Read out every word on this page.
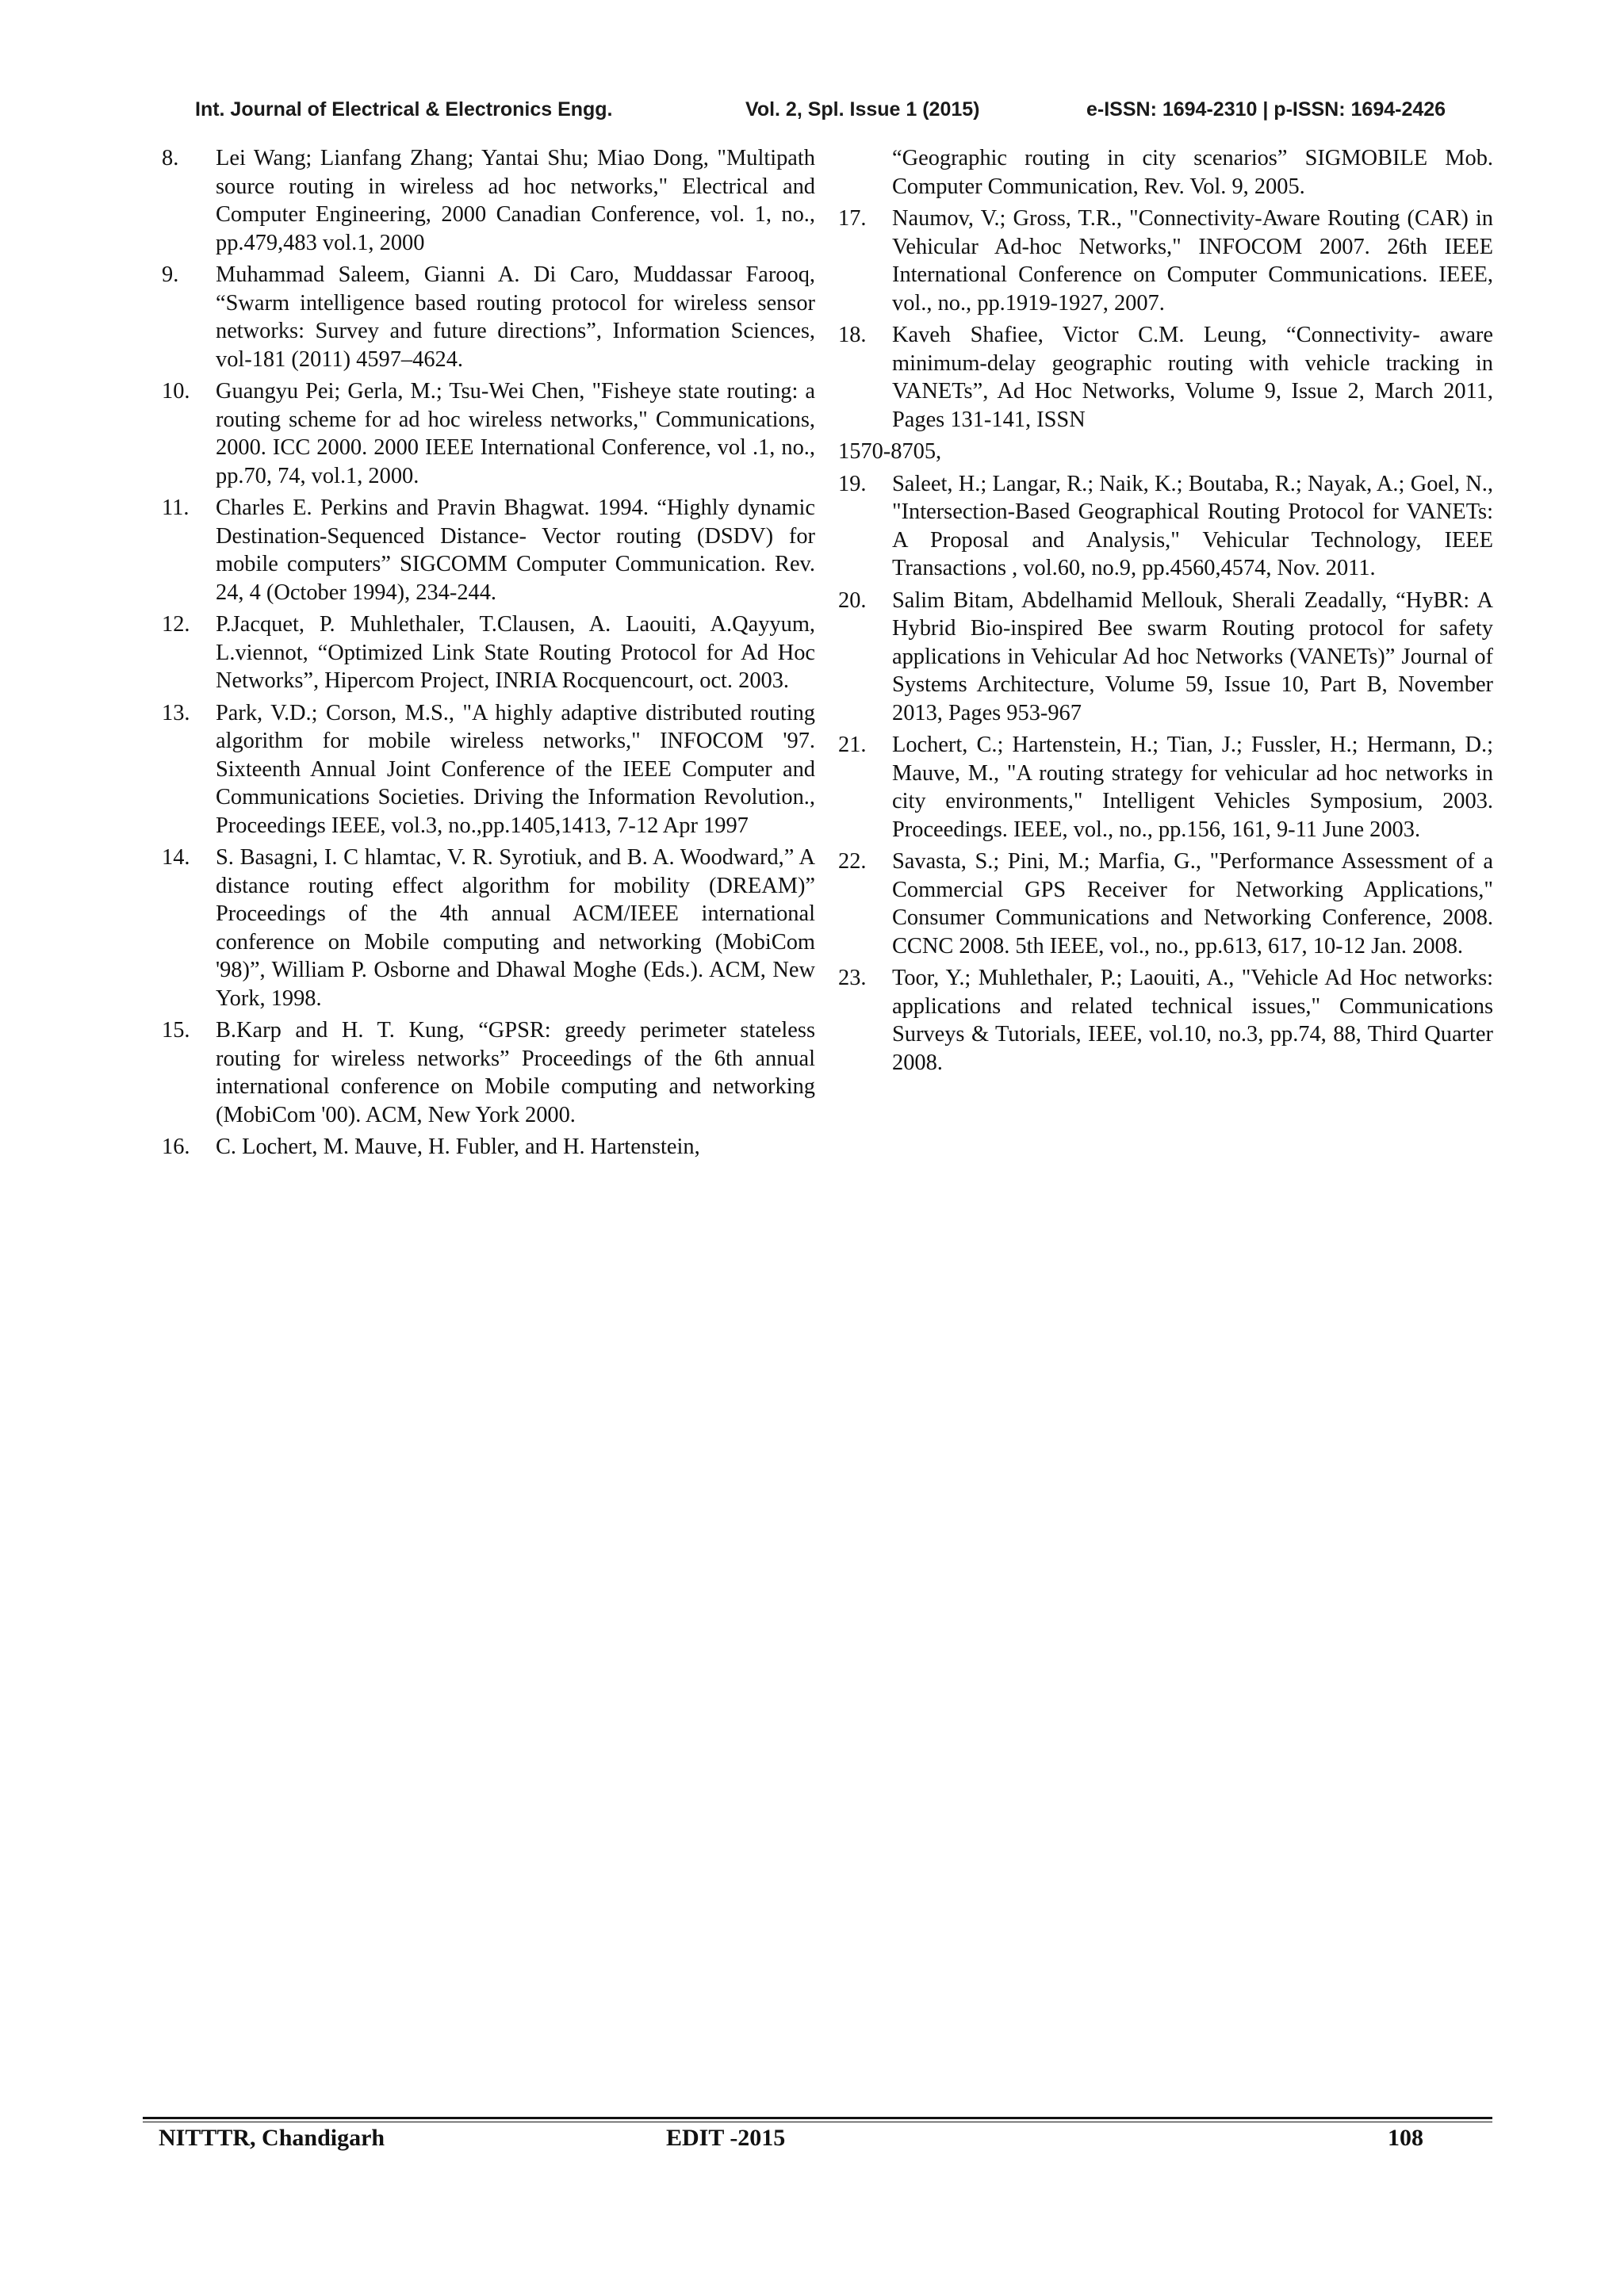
Int. Journal of Electrical & Electronics Engg.	Vol. 2, Spl. Issue 1 (2015)	e-ISSN: 1694-2310 | p-ISSN: 1694-2426
8.	Lei Wang; Lianfang Zhang; Yantai Shu; Miao Dong, "Multipath source routing in wireless ad hoc networks," Electrical and Computer Engineering, 2000 Canadian Conference, vol. 1, no., pp.479,483 vol.1, 2000
9.	Muhammad Saleem, Gianni A. Di Caro, Muddassar Farooq, “Swarm intelligence based routing protocol for wireless sensor networks: Survey and future directions”, Information Sciences, vol-181 (2011) 4597–4624.
10. Guangyu Pei; Gerla, M.; Tsu-Wei Chen, "Fisheye state routing: a routing scheme for ad hoc wireless networks," Communications, 2000. ICC 2000. 2000 IEEE International Conference, vol .1, no., pp.70, 74, vol.1, 2000.
11.	Charles E. Perkins and Pravin Bhagwat. 1994. “Highly dynamic Destination-Sequenced Distance- Vector routing (DSDV) for mobile computers” SIGCOMM Computer Communication. Rev. 24, 4 (October 1994), 234-244.
12. P.Jacquet, P. Muhlethaler, T.Clausen, A. Laouiti, A.Qayyum, L.viennot, “Optimized Link State Routing Protocol for Ad Hoc Networks”, Hipercom Project, INRIA Rocquencourt, oct. 2003.
13. Park, V.D.; Corson, M.S., "A highly adaptive distributed routing algorithm for mobile wireless networks," INFOCOM '97. Sixteenth Annual Joint Conference of the IEEE Computer and Communications Societies. Driving the Information Revolution., Proceedings IEEE, vol.3, no.,pp.1405,1413, 7-12 Apr 1997
14. S. Basagni, I. C hlamtac, V. R. Syrotiuk, and B. A. Woodward,” A distance routing effect algorithm for mobility (DREAM)” Proceedings of the 4th annual ACM/IEEE international conference on Mobile computing and networking (MobiCom '98)”, William P. Osborne and Dhawal Moghe (Eds.). ACM, New York, 1998.
15. B.Karp and H. T. Kung, “GPSR: greedy perimeter stateless routing for wireless networks” Proceedings of the 6th annual international conference on Mobile computing and networking (MobiCom '00). ACM, New York 2000.
16. C. Lochert, M. Mauve, H. Fubler, and H. Hartenstein,
“Geographic routing in city scenarios” SIGMOBILE Mob. Computer Communication, Rev. Vol. 9, 2005.
17.	Naumov, V.; Gross, T.R., "Connectivity-Aware Routing (CAR) in Vehicular Ad-hoc Networks," INFOCOM 2007. 26th IEEE International Conference on Computer Communications. IEEE, vol., no., pp.1919-1927, 2007.
18.	Kaveh Shafiee, Victor C.M. Leung, “Connectivity- aware minimum-delay geographic routing with vehicle tracking in VANETs”, Ad Hoc Networks, Volume 9, Issue 2, March 2011, Pages 131-141, ISSN
1570-8705,
19.	Saleet, H.; Langar, R.; Naik, K.; Boutaba, R.; Nayak, A.; Goel, N., "Intersection-Based Geographical Routing Protocol for VANETs: A Proposal and Analysis," Vehicular Technology, IEEE Transactions , vol.60, no.9, pp.4560,4574, Nov. 2011.
20.	Salim Bitam, Abdelhamid Mellouk, Sherali Zeadally, “HyBR: A Hybrid Bio-inspired Bee swarm Routing protocol for safety applications in Vehicular Ad hoc Networks (VANETs)” Journal of Systems Architecture, Volume 59, Issue 10, Part B, November 2013, Pages 953-967
21.	Lochert, C.; Hartenstein, H.; Tian, J.; Fussler, H.; Hermann, D.; Mauve, M., "A routing strategy for vehicular ad hoc networks in city environments," Intelligent Vehicles Symposium, 2003. Proceedings. IEEE, vol., no., pp.156, 161, 9-11 June 2003.
22.	Savasta, S.; Pini, M.; Marfia, G., "Performance Assessment of a Commercial GPS Receiver for Networking Applications," Consumer Communications and Networking Conference, 2008. CCNC 2008. 5th IEEE, vol., no., pp.613, 617, 10-12 Jan. 2008.
23.	Toor, Y.; Muhlethaler, P.; Laouiti, A., "Vehicle Ad Hoc networks: applications and related technical issues," Communications Surveys & Tutorials, IEEE, vol.10, no.3, pp.74, 88, Third Quarter 2008.
NITTTR, Chandigarh	EDIT -2015	108
